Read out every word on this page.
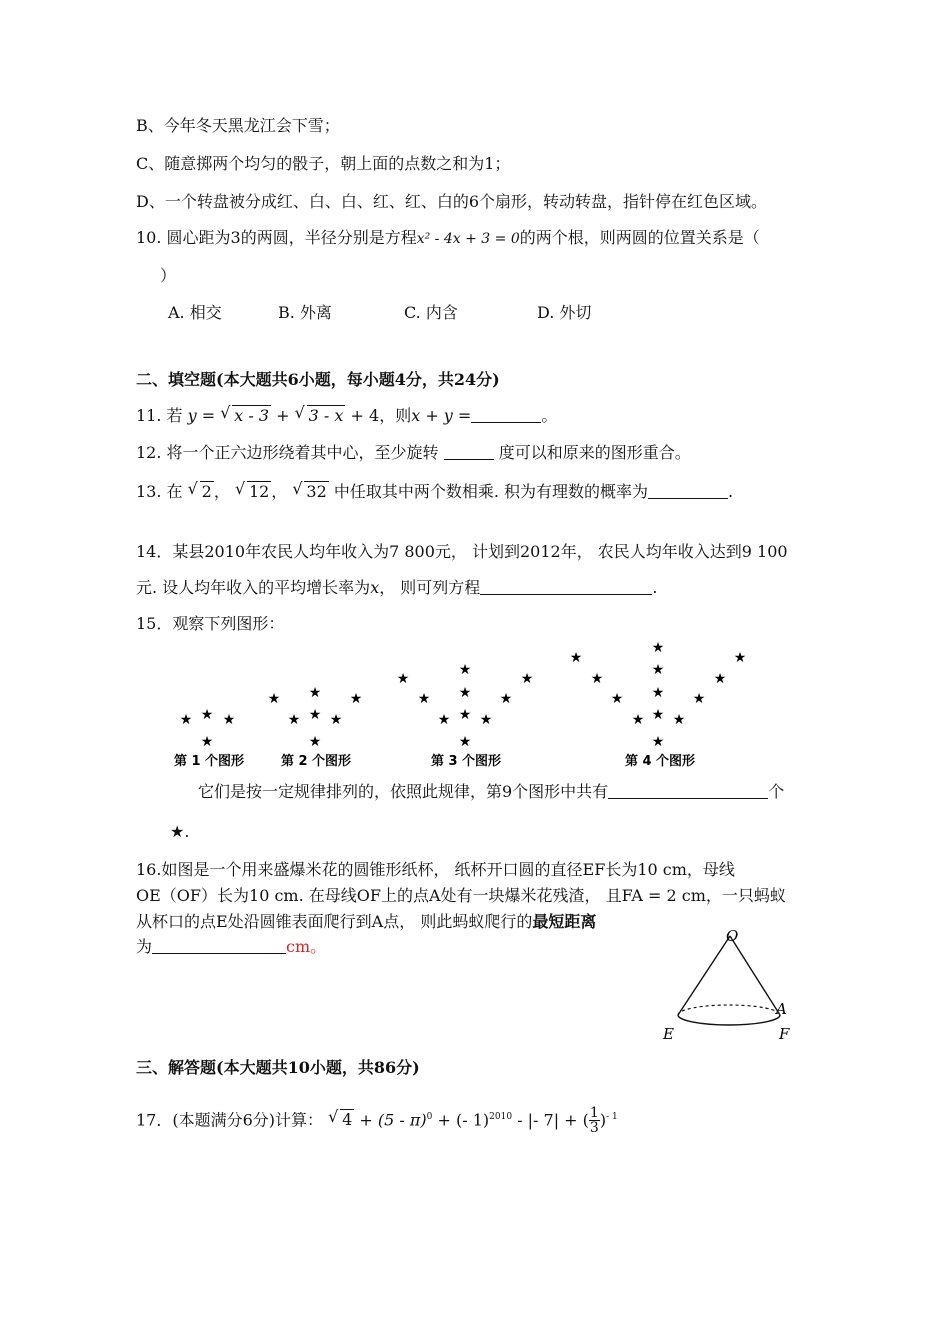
B、今年冬天黑龙江会下雪；
C、随意掷两个均匀的骰子，朝上面的点数之和为1；
D、一个转盘被分成红、白、白、红、红、白的6个扇形，转动转盘，指针停在红色区域。
10. 圆心距为3的两圆，半径分别是方程x² - 4x + 3 = 0的两个根，则两圆的位置关系是（
）
A. 相交	B. 外离	C. 内含	D. 外切
二、填空题(本大题共6小题，每小题4分，共24分)
11. 若 y = √ x - 3 + √ 3 - x + 4，则x + y =	。
12. 将一个正六边形绕着其中心，至少旋转	度可以和原来的图形重合。
13. 在 √ 2 ， √ 12 ， √ 32 中任取其中两个数相乘. 积为有理数的概率为	.
14．某县2010年农民人均年收入为7 800元， 计划到2012年， 农民人均年收入达到9 100
元. 设人均年收入的平均增长率为x， 则可列方程	.
15．观察下列图形：
★ ★ ★
★
★
★
★
★ ★
★
★
★
★
★
★
★
★ ★
★
★
★
★
★
★
★
★
★
★
★ ★
★
★
★
★
第 1 个图形	第 2 个图形	第 3 个图形	第 4 个图形
它们是按一定规律排列的，依照此规律，第9个图形中共有	个
★.
16.如图是一个用来盛爆米花的圆锥形纸杯， 纸杯开口圆的直径EF长为10 cm，母线
OE（OF）长为10 cm. 在母线OF上的点A处有一块爆米花残渣， 且FA = 2 cm，一只蚂蚁
从杯口的点E处沿圆锥表面爬行到A点， 则此蚂蚁爬行的最短距离
为	cm。
O
A
E	F
三、解答题(本大题共10小题，共86分)
17．(本题满分6分)计算： √ 4 + (5 - π)$^0$ + (- 1)$^{2010}$ - |- 7| + ( $\frac{1}{3} )^{- 1}$
